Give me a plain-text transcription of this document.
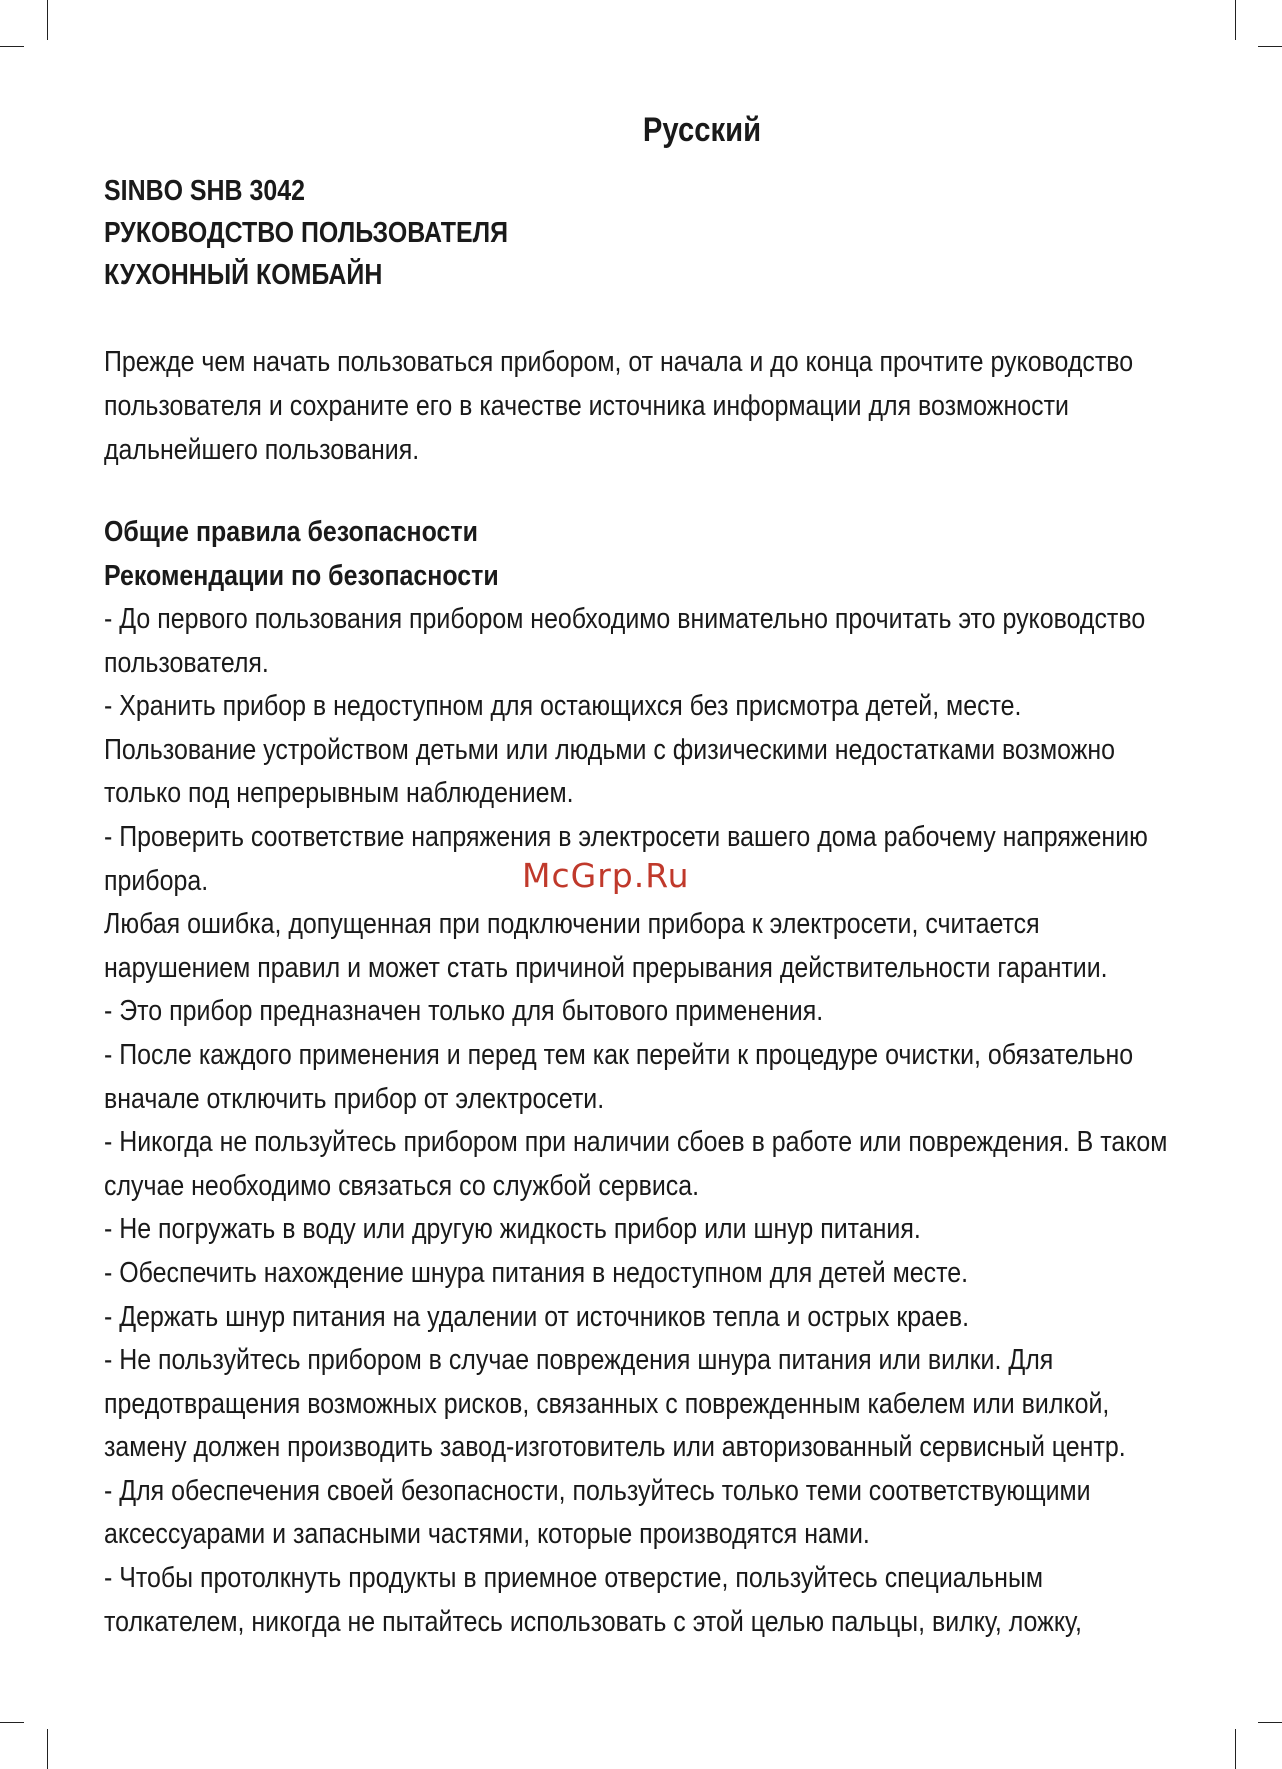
Русский
SINBO SHB 3042
РУКОВОДСТВО ПОЛЬЗОВАТЕЛЯ
КУХОННЫЙ КОМБАЙН
Прежде чем начать пользоваться прибором, от начала и до конца прочтите руководство пользователя и сохраните его в качестве источника информации для возможности дальнейшего пользования.
Общие правила безопасности
Рекомендации по безопасности

- До первого пользования прибором необходимо внимательно прочитать это руководство пользователя.

- Хранить прибор в недоступном для остающихся без присмотра детей, месте. Пользование устройством детьми или людьми с физическими недостатками возможно только под непрерывным наблюдением.

- Проверить соответствие напряжения в электросети вашего дома рабочему напряжению прибора.

Любая ошибка, допущенная при подключении прибора к электросети, считается нарушением правил и может стать причиной прерывания действительности гарантии.

- Это прибор предназначен только для бытового применения.

- После каждого применения и перед тем как перейти к процедуре очистки, обязательно вначале отключить прибор от электросети.

- Никогда не пользуйтесь прибором при наличии сбоев в работе или повреждения. В таком случае необходимо связаться со службой сервиса.

- Не погружать в воду или другую жидкость прибор или шнур питания.

- Обеспечить нахождение шнура питания в недоступном для детей месте.

- Держать шнур питания на удалении от источников тепла и острых краев.

- Не пользуйтесь прибором в случае повреждения шнура питания или вилки. Для предотвращения возможных рисков, связанных с поврежденным кабелем или вилкой, замену должен производить завод-изготовитель или авторизованный сервисный центр.

- Для обеспечения своей безопасности, пользуйтесь только теми соответствующими аксессуарами и запасными частями, которые производятся нами.

- Чтобы протолкнуть продукты в приемное отверстие, пользуйтесь специальным толкателем, никогда не пытайтесь использовать с этой целью пальцы, вилку, ложку,

McGrp.Ru
